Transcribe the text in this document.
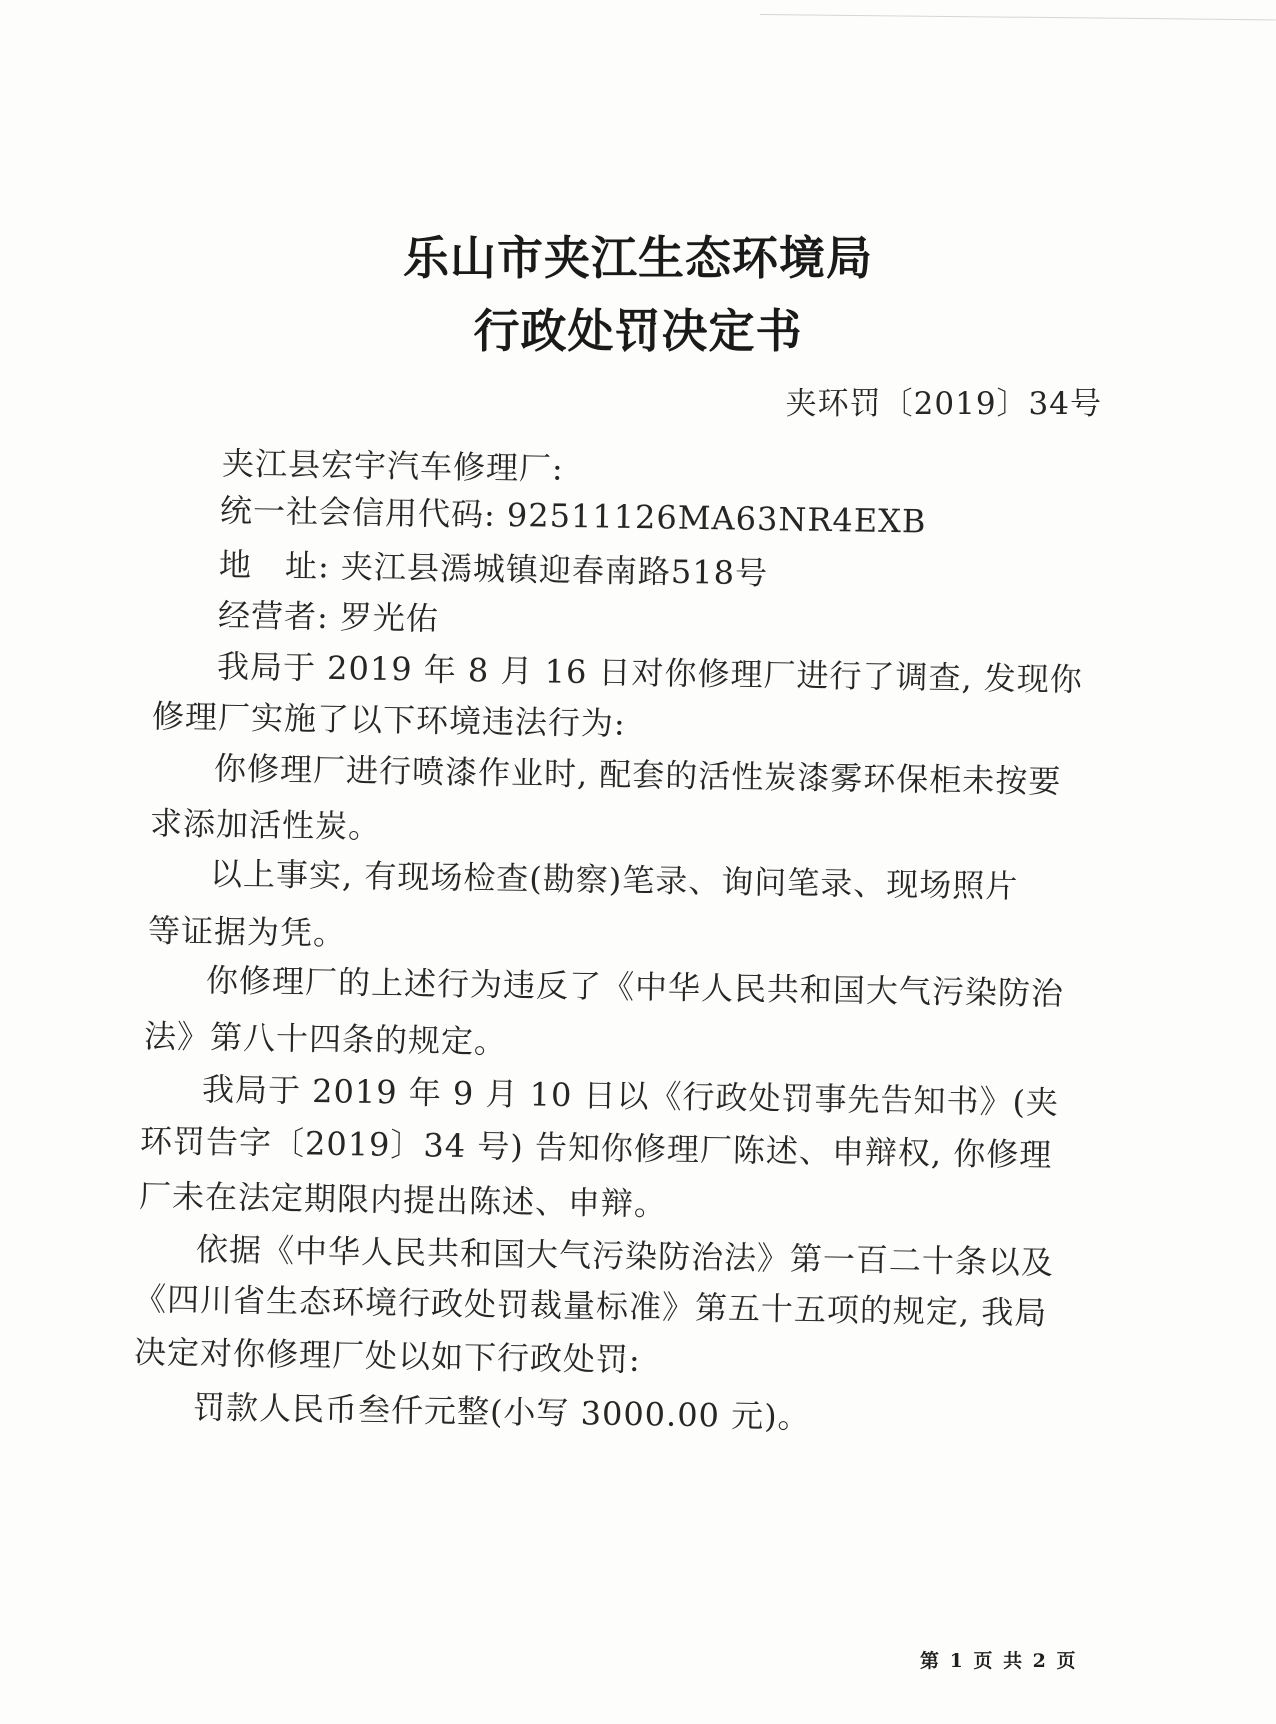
乐山市夹江生态环境局
行政处罚决定书
夹环罚〔2019〕34号
夹江县宏宇汽车修理厂:
统一社会信用代码: 92511126MA63NR4EXB
地　址: 夹江县漹城镇迎春南路518号
经营者: 罗光佑
我局于 2019 年 8 月 16 日对你修理厂进行了调查, 发现你
修理厂实施了以下环境违法行为:
你修理厂进行喷漆作业时, 配套的活性炭漆雾环保柜未按要
求添加活性炭。
以上事实, 有现场检查(勘察)笔录、询问笔录、现场照片
等证据为凭。
你修理厂的上述行为违反了《中华人民共和国大气污染防治
法》第八十四条的规定。
我局于 2019 年 9 月 10 日以《行政处罚事先告知书》(夹
环罚告字〔2019〕34 号) 告知你修理厂陈述、申辩权, 你修理
厂未在法定期限内提出陈述、申辩。
依据《中华人民共和国大气污染防治法》第一百二十条以及
《四川省生态环境行政处罚裁量标准》第五十五项的规定, 我局
决定对你修理厂处以如下行政处罚:
罚款人民币叁仟元整(小写 3000.00 元)。
第 1 页 共 2 页
